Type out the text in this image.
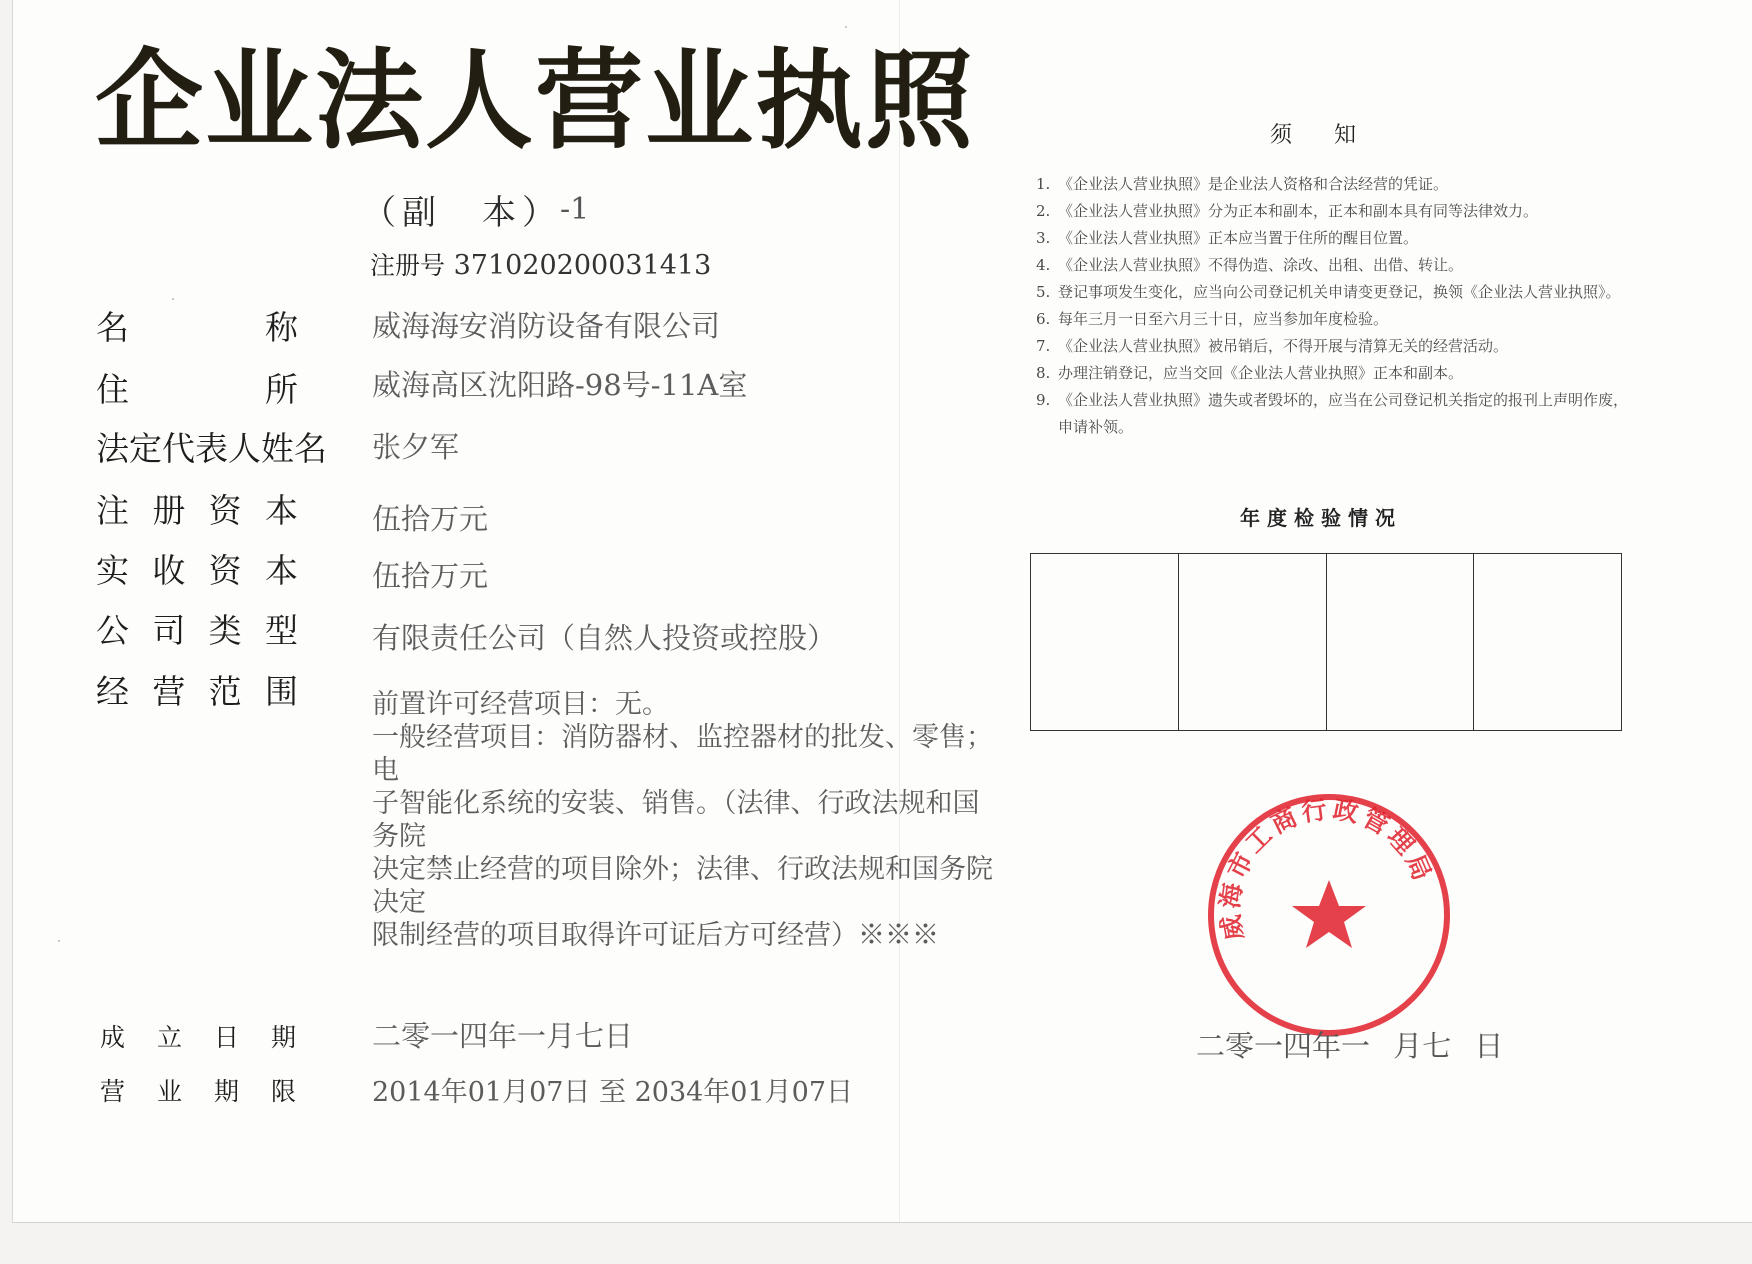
企业法人营业执照
（副　本）
-1
注册号 371020200031413
名称	威海海安消防设备有限公司
住所	威海高区沈阳路-98号-11A室
法定代表人姓名 张夕军
注册资本	伍拾万元
实收资本	伍拾万元
公司类型	有限责任公司（自然人投资或控股）
经营范围	前置许可经营项目：无。
一般经营项目：消防器材、监控器材的批发、零售；电
子智能化系统的安装、销售。（法律、行政法规和国务院
决定禁止经营的项目除外；法律、行政法规和国务院决定
限制经营的项目取得许可证后方可经营）※※※
成立日期	二零一四年一月七日
营业期限	2014年01月07日 至 2034年01月07日
须知
1. 《企业法人营业执照》是企业法人资格和合法经营的凭证。
2. 《企业法人营业执照》分为正本和副本，正本和副本具有同等法律效力。
3. 《企业法人营业执照》正本应当置于住所的醒目位置。
4. 《企业法人营业执照》不得伪造、涂改、出租、出借、转让。
5. 登记事项发生变化，应当向公司登记机关申请变更登记，换领《企业法人营业执照》。
6. 每年三月一日至六月三十日，应当参加年度检验。
7. 《企业法人营业执照》被吊销后，不得开展与清算无关的经营活动。
8. 办理注销登记，应当交回《企业法人营业执照》正本和副本。
9. 《企业法人营业执照》遗失或者毁坏的，应当在公司登记机关指定的报刊上声明作废，申请补领。
年度检验情况
威海市工商行政管理局
二零一四年一 月七 日
